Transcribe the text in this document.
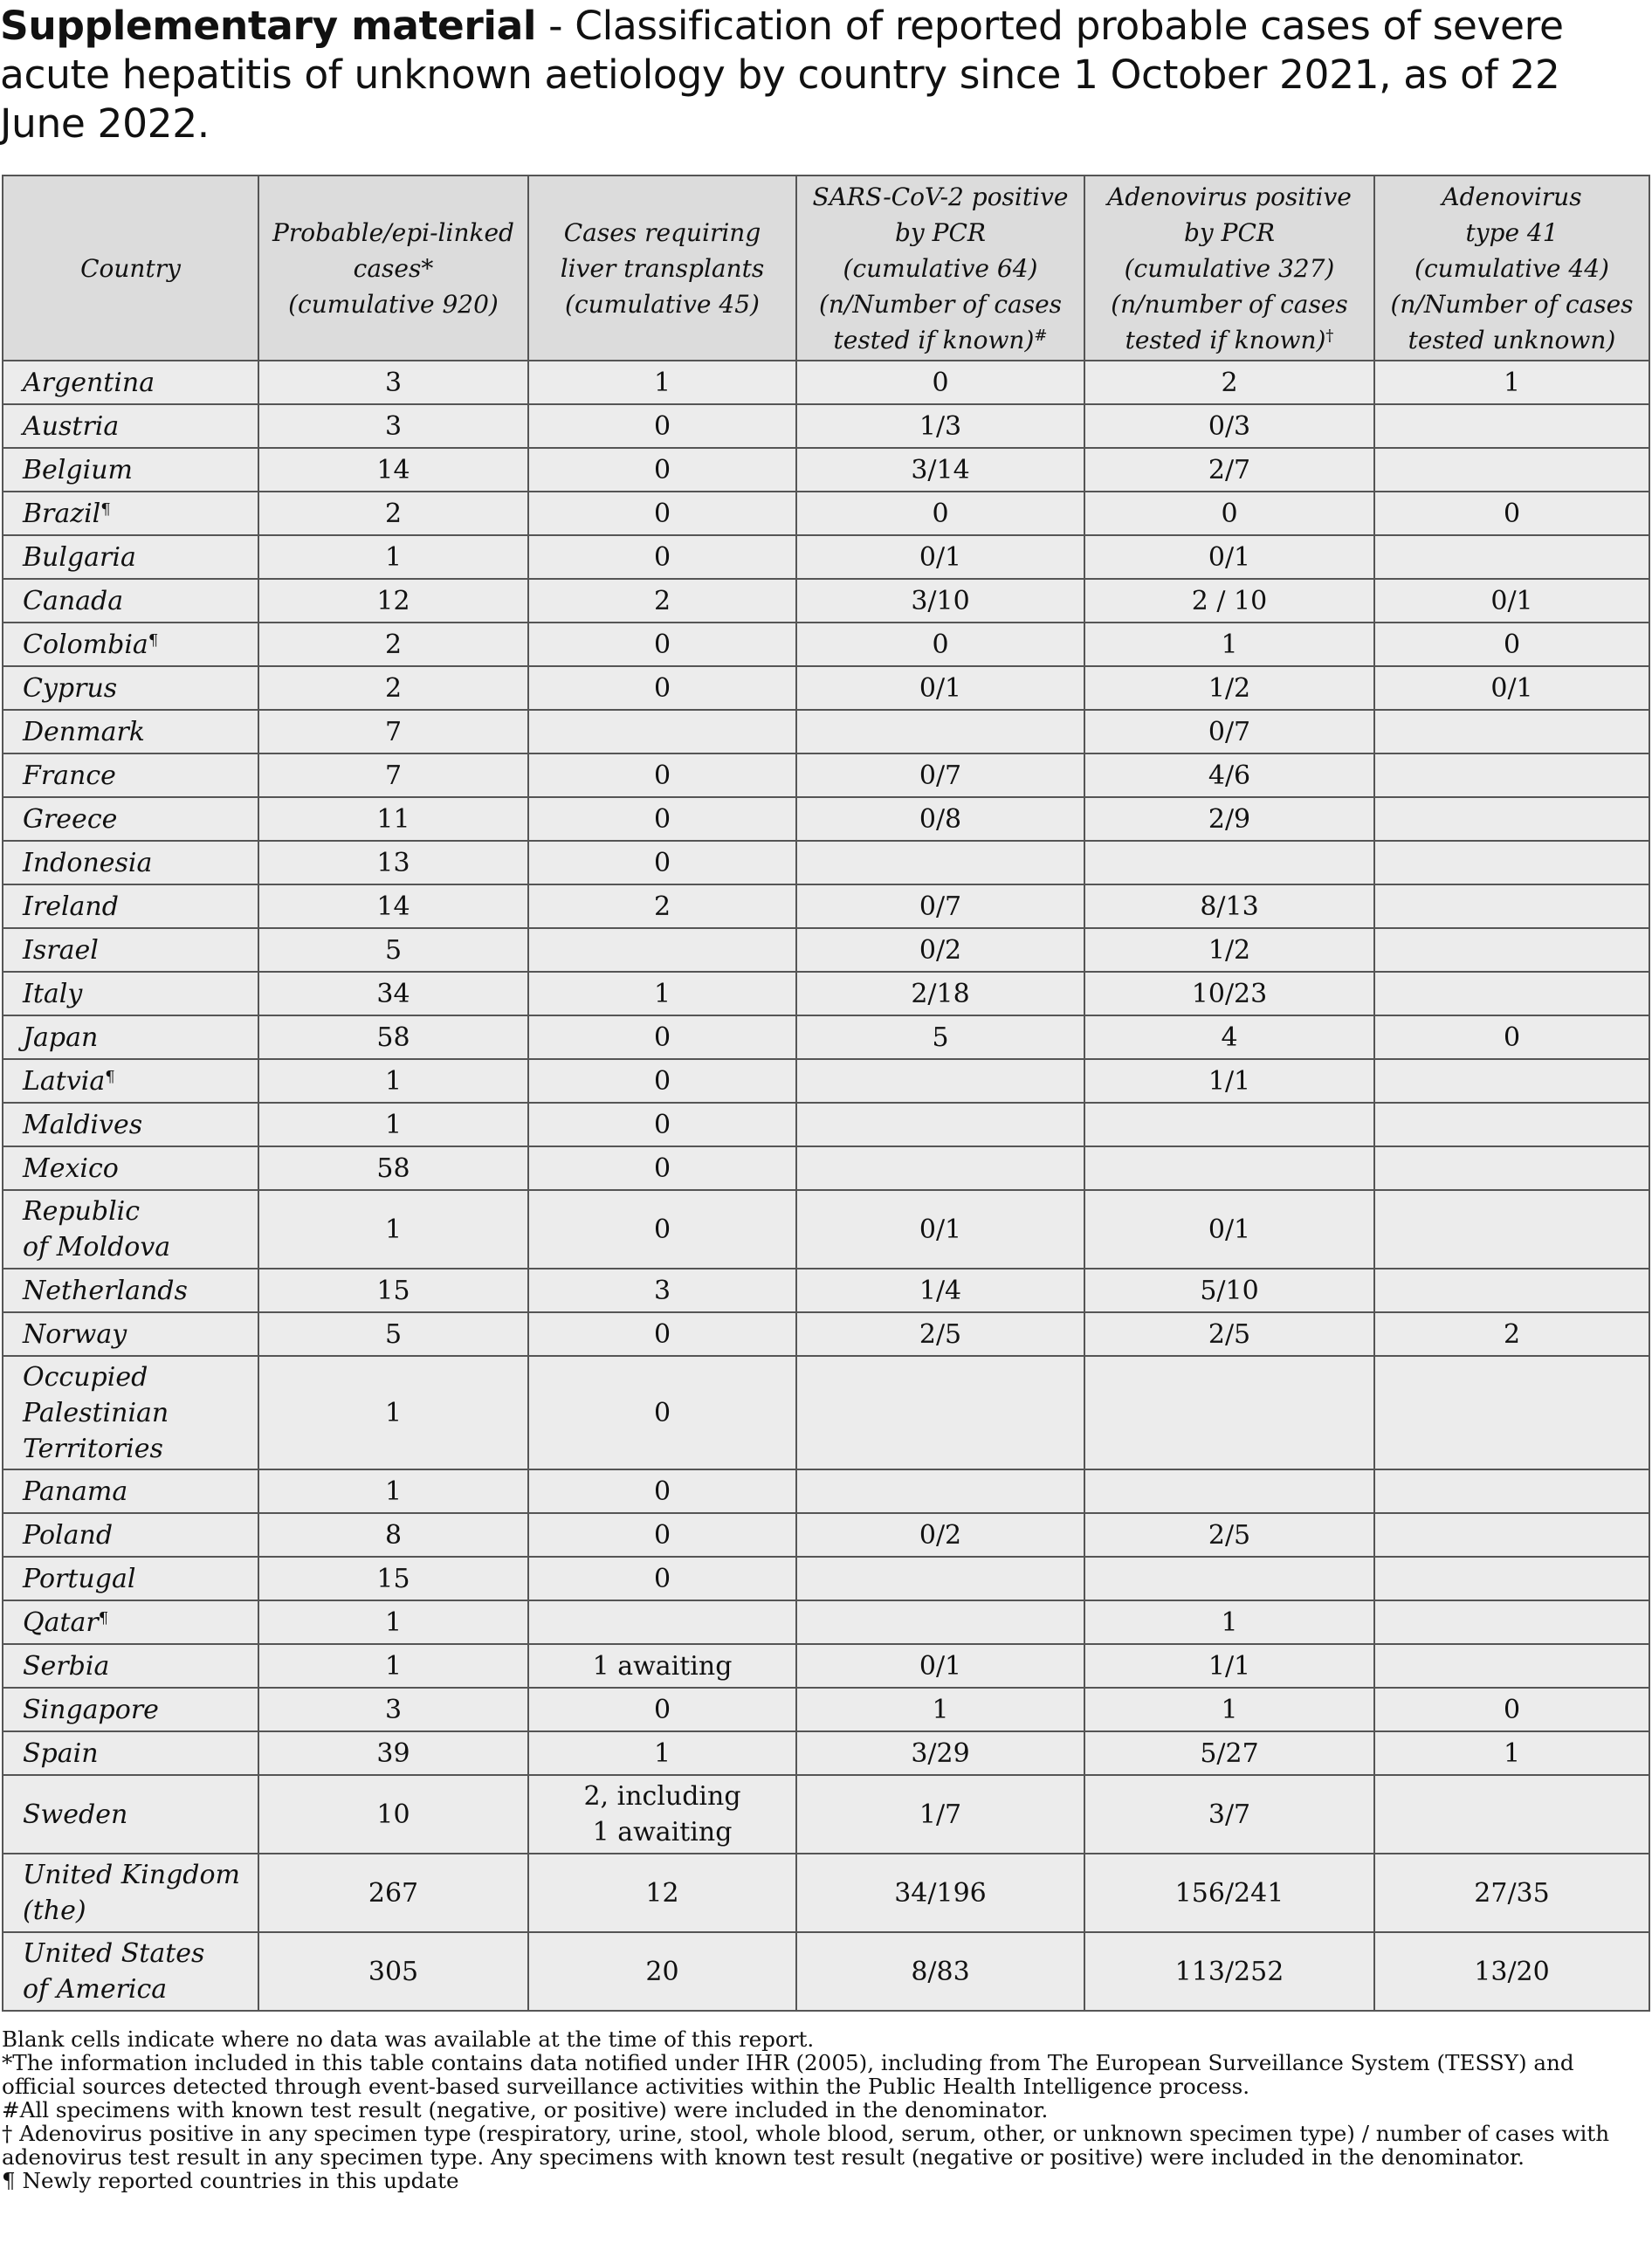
Supplementary material - Classification of reported probable cases of severe acute hepatitis of unknown aetiology by country since 1 October 2021, as of 22 June 2022.
Country	Probable/epi-linked
cases*
(cumulative 920)	Cases requiring
liver transplants
(cumulative 45)	SARS-CoV-2 positive
by PCR
(cumulative 64)
(n/Number of cases
tested if known)#	Adenovirus positive
by PCR
(cumulative 327)
(n/number of cases
tested if known)†	Adenovirus
type 41
(cumulative 44)
(n/Number of cases
tested unknown)

Argentina	3	1	0	2	1

Austria	3	0	1/3	0/3	

Belgium	14	0	3/14	2/7	

Brazil¶	2	0	0	0	0

Bulgaria	1	0	0/1	0/1	

Canada	12	2	3/10	2 / 10	0/1

Colombia¶	2	0	0	1	0

Cyprus	2	0	0/1	1/2	0/1

Denmark	7			0/7	

France	7	0	0/7	4/6	

Greece	11	0	0/8	2/9	

Indonesia	13	0			

Ireland	14	2	0/7	8/13	

Israel	5		0/2	1/2	

Italy	34	1	2/18	10/23	

Japan	58	0	5	4	0

Latvia¶	1	0		1/1	

Maldives	1	0			

Mexico	58	0			

Republic
of Moldova	1	0	0/1	0/1	

Netherlands	15	3	1/4	5/10	

Norway	5	0	2/5	2/5	2

Occupied
Palestinian
Territories	1	0			

Panama	1	0			

Poland	8	0	0/2	2/5	

Portugal	15	0			

Qatar¶	1			1	

Serbia	1	1 awaiting	0/1	1/1	

Singapore	3	0	1	1	0

Spain	39	1	3/29	5/27	1

Sweden	10	2, including
1 awaiting	1/7	3/7	

United Kingdom
(the)	267	12	34/196	156/241	27/35

United States
of America	305	20	8/83	113/252	13/20

Blank cells indicate where no data was available at the time of this report.

*The information included in this table contains data notified under IHR (2005), including from The European Surveillance System (TESSY) and official sources detected through event-based surveillance activities within the Public Health Intelligence process.

#All specimens with known test result (negative, or positive) were included in the denominator.

† Adenovirus positive in any specimen type (respiratory, urine, stool, whole blood, serum, other, or unknown specimen type) / number of cases with adenovirus test result in any specimen type. Any specimens with known test result (negative or positive) were included in the denominator.

¶ Newly reported countries in this update
